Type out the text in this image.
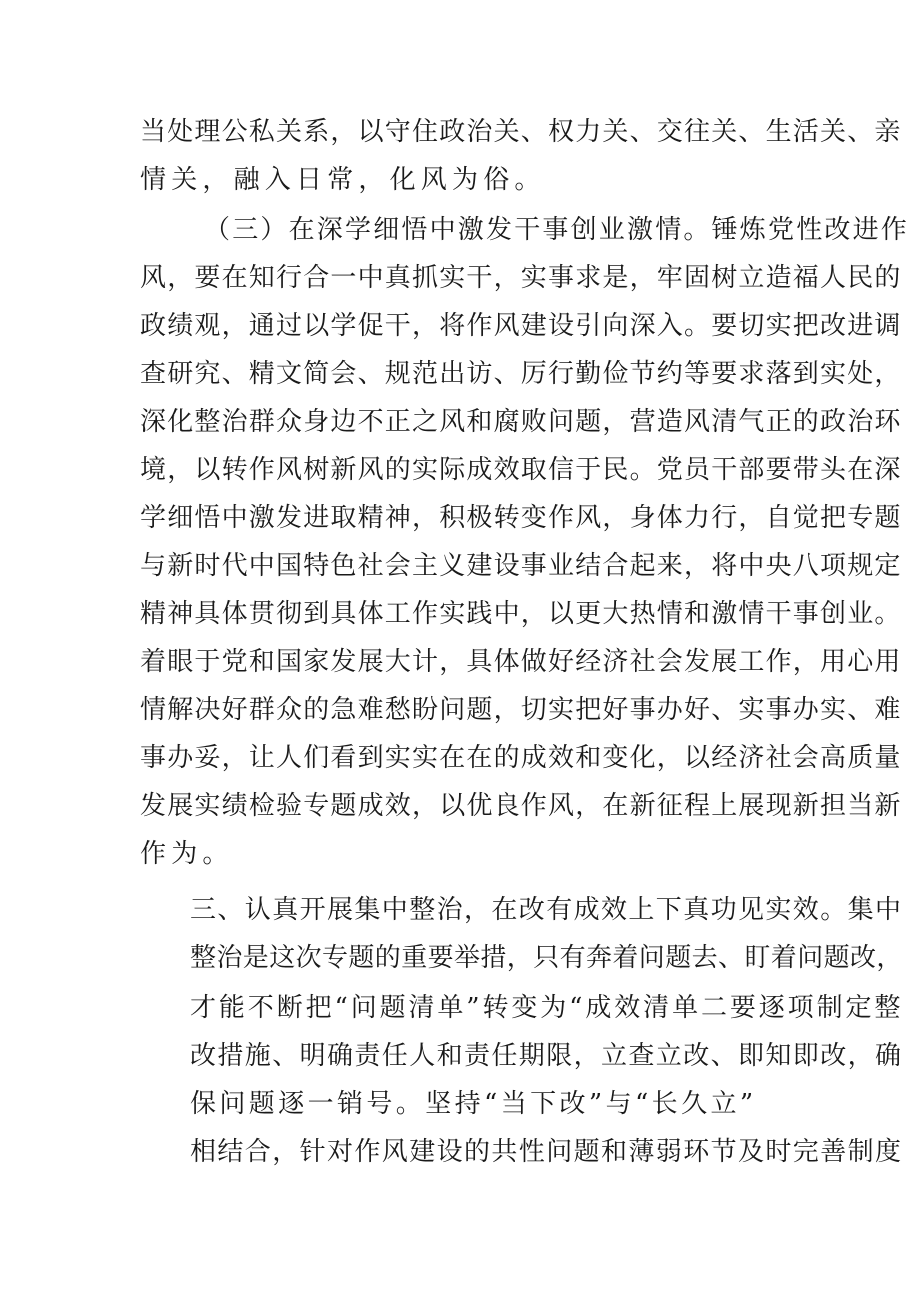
当处理公私关系，以守住政治关、权力关、交往关、生活关、亲
情关，融入日常，化风为俗。
（三）在深学细悟中激发干事创业激情。锤炼党性改进作
风，要在知行合一中真抓实干，实事求是，牢固树立造福人民的
政绩观，通过以学促干，将作风建设引向深入。要切实把改进调
查研究、精文简会、规范出访、厉行勤俭节约等要求落到实处，
深化整治群众身边不正之风和腐败问题，营造风清气正的政治环
境，以转作风树新风的实际成效取信于民。党员干部要带头在深
学细悟中激发进取精神，积极转变作风，身体力行，自觉把专题
与新时代中国特色社会主义建设事业结合起来，将中央八项规定
精神具体贯彻到具体工作实践中，以更大热情和激情干事创业。
着眼于党和国家发展大计，具体做好经济社会发展工作，用心用
情解决好群众的急难愁盼问题，切实把好事办好、实事办实、难
事办妥，让人们看到实实在在的成效和变化，以经济社会高质量
发展实绩检验专题成效，以优良作风，在新征程上展现新担当新
作为。
三、认真开展集中整治，在改有成效上下真功见实效。集中
整治是这次专题的重要举措，只有奔着问题去、盯着问题改，
才能不断把“问题清单”转变为“成效清单二要逐项制定整
改措施、明确责任人和责任期限，立查立改、即知即改，确
保问题逐一销号。坚持“当下改”与“长久立”
相结合，针对作风建设的共性问题和薄弱环节及时完善制度
